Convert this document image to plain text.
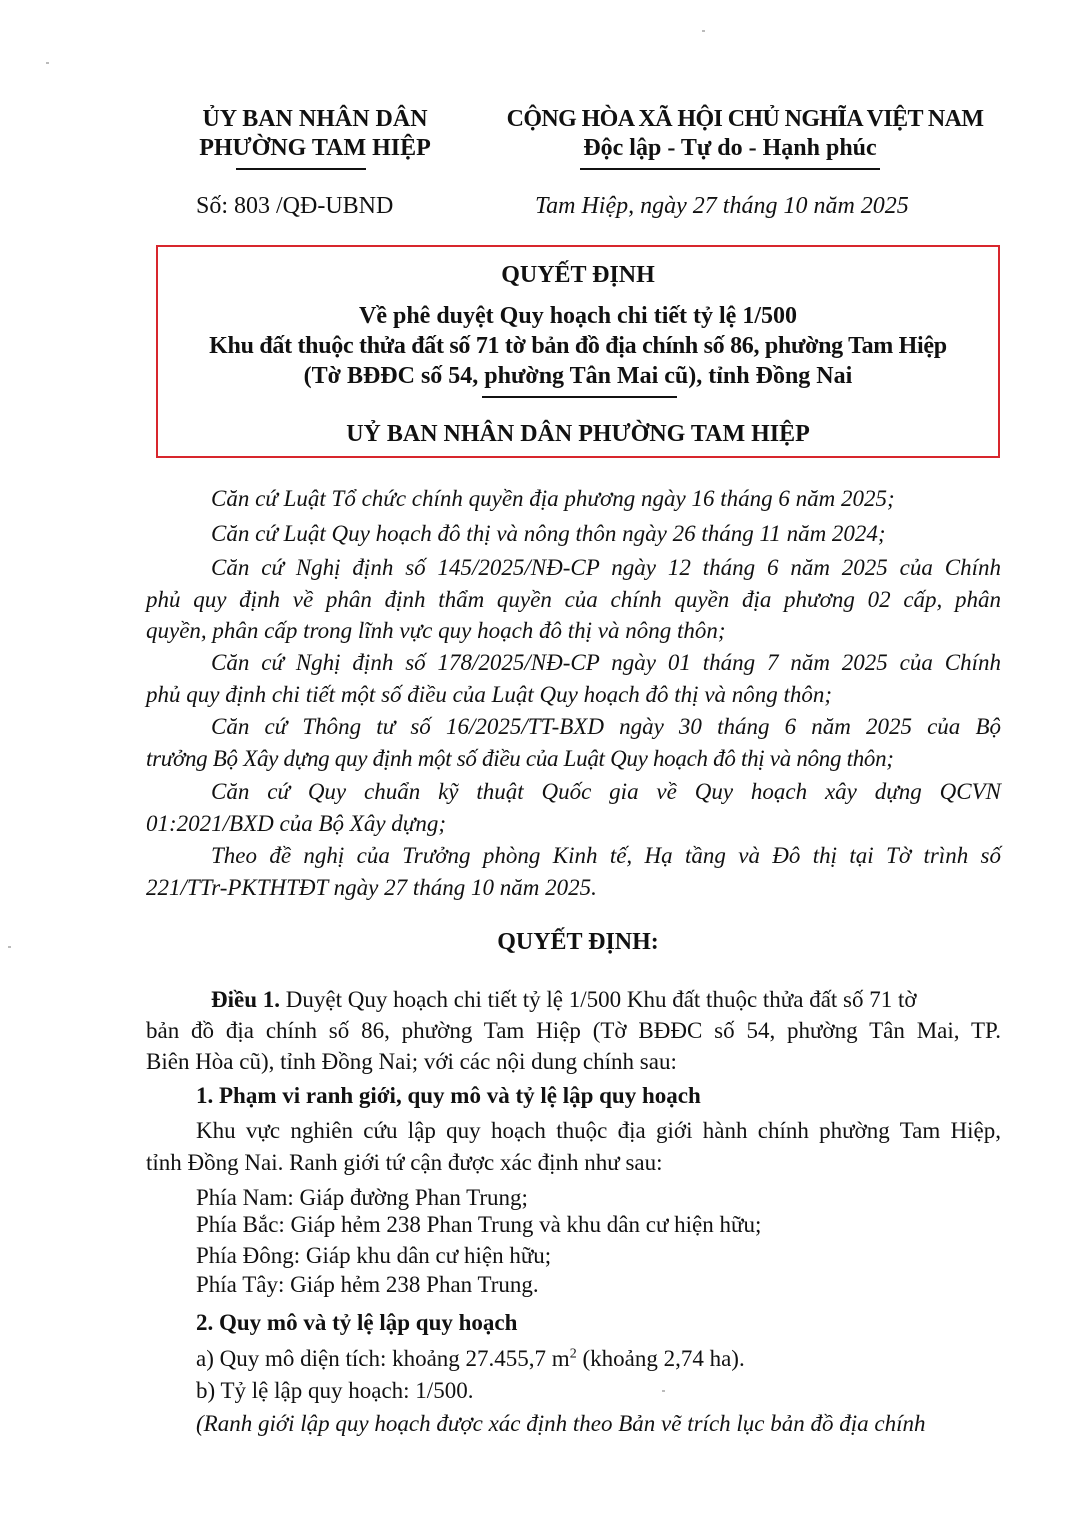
ỦY BAN NHÂN DÂN
PHƯỜNG TAM HIỆP
CỘNG HÒA XÃ HỘI CHỦ NGHĨA VIỆT NAM
Độc lập - Tự do - Hạnh phúc
Số: 803 /QĐ-UBND	Tam Hiệp, ngày 27 tháng 10 năm 2025
QUYẾT ĐỊNH
Về phê duyệt Quy hoạch chi tiết tỷ lệ 1/500
Khu đất thuộc thửa đất số 71 tờ bản đồ địa chính số 86, phường Tam Hiệp
(Tờ BĐĐC số 54, phường Tân Mai cũ), tỉnh Đồng Nai
UỶ BAN NHÂN DÂN PHƯỜNG TAM HIỆP
Căn cứ Luật Tổ chức chính quyền địa phương ngày 16 tháng 6 năm 2025;
Căn cứ Luật Quy hoạch đô thị và nông thôn ngày 26 tháng 11 năm 2024;
Căn cứ Nghị định số 145/2025/NĐ-CP ngày 12 tháng 6 năm 2025 của Chính
phủ quy định về phân định thẩm quyền của chính quyền địa phương 02 cấp, phân
quyền, phân cấp trong lĩnh vực quy hoạch đô thị và nông thôn;
Căn cứ Nghị định số 178/2025/NĐ-CP ngày 01 tháng 7 năm 2025 của Chính
phủ quy định chi tiết một số điều của Luật Quy hoạch đô thị và nông thôn;
Căn cứ Thông tư số 16/2025/TT-BXD ngày 30 tháng 6 năm 2025 của Bộ
trưởng Bộ Xây dựng quy định một số điều của Luật Quy hoạch đô thị và nông thôn;
Căn cứ Quy chuẩn kỹ thuật Quốc gia về Quy hoạch xây dựng QCVN
01:2021/BXD của Bộ Xây dựng;
Theo đề nghị của Trưởng phòng Kinh tế, Hạ tầng và Đô thị tại Tờ trình số
221/TTr-PKTHTĐT ngày 27 tháng 10 năm 2025.
QUYẾT ĐỊNH:
Điều 1. Duyệt Quy hoạch chi tiết tỷ lệ 1/500 Khu đất thuộc thửa đất số 71 tờ
bản đồ địa chính số 86, phường Tam Hiệp (Tờ BĐĐC số 54, phường Tân Mai, TP.
Biên Hòa cũ), tỉnh Đồng Nai; với các nội dung chính sau:
1. Phạm vi ranh giới, quy mô và tỷ lệ lập quy hoạch
Khu vực nghiên cứu lập quy hoạch thuộc địa giới hành chính phường Tam Hiệp,
tỉnh Đồng Nai. Ranh giới tứ cận được xác định như sau:
Phía Nam: Giáp đường Phan Trung;
Phía Bắc: Giáp hẻm 238 Phan Trung và khu dân cư hiện hữu;
Phía Đông: Giáp khu dân cư hiện hữu;
Phía Tây: Giáp hẻm 238 Phan Trung.
2. Quy mô và tỷ lệ lập quy hoạch
a) Quy mô diện tích: khoảng 27.455,7 $m^2$ (khoảng 2,74 ha).
b) Tỷ lệ lập quy hoạch: 1/500.
(Ranh giới lập quy hoạch được xác định theo Bản vẽ trích lục bản đồ địa chính
